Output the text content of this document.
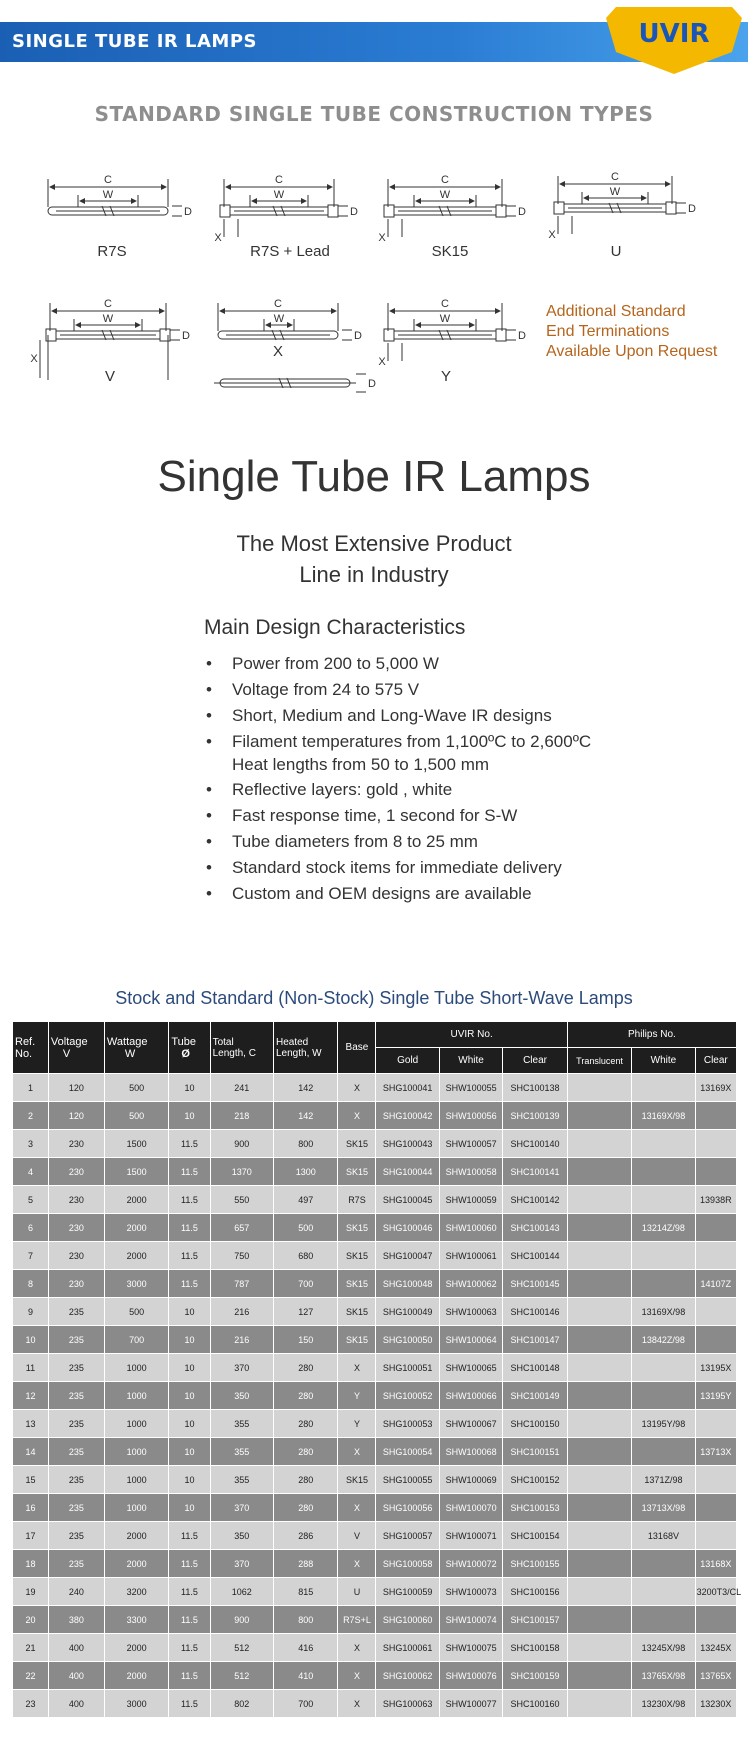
SINGLE TUBE IR LAMPS	UVIR
STANDARD SINGLE TUBE CONSTRUCTION TYPES
C
W
D
C
W
D
X
C
W
D
X
C
W
D
X
C
W
D
X
C
W
D
D
C
W
D
X
R7S	R7S + Lead	SK15	U
V
X
Y
Additional Standard
End Terminations
Available Upon Request
Single Tube IR Lamps
The Most Extensive Product
Line in Industry
Main Design Characteristics
• Power from 200 to 5,000 W
• Voltage from 24 to 575 V
• Short, Medium and Long-Wave IR designs
• Filament temperatures from 1,100ºC to 2,600ºC
Heat lengths from 50 to 1,500 mm
• Reflective layers: gold , white
• Fast response time, 1 second for S-W
• Tube diameters from 8 to 25 mm
• Standard stock items for immediate delivery
• Custom and OEM designs are available
Stock and Standard (Non-Stock) Single Tube Short-Wave Lamps
Ref.
No.	Voltage
V	Wattage
W	Tube
Ø	Total
Length, C	Heated
Length, W	Base	UVIR No.			Philips No.		
							Gold	White	Clear	Translucent	White	Clear
1	120	500	10	241	142	X	SHG100041	SHW100055	SHC100138			13169X
2	120	500	10	218	142	X	SHG100042	SHW100056	SHC100139		13169X/98	
3	230	1500	11.5	900	800	SK15	SHG100043	SHW100057	SHC100140			
4	230	1500	11.5	1370	1300	SK15	SHG100044	SHW100058	SHC100141			
5	230	2000	11.5	550	497	R7S	SHG100045	SHW100059	SHC100142			13938R
6	230	2000	11.5	657	500	SK15	SHG100046	SHW100060	SHC100143		13214Z/98	
7	230	2000	11.5	750	680	SK15	SHG100047	SHW100061	SHC100144			
8	230	3000	11.5	787	700	SK15	SHG100048	SHW100062	SHC100145			14107Z
9	235	500	10	216	127	SK15	SHG100049	SHW100063	SHC100146		13169X/98	
10	235	700	10	216	150	SK15	SHG100050	SHW100064	SHC100147		13842Z/98	
11	235	1000	10	370	280	X	SHG100051	SHW100065	SHC100148			13195X
12	235	1000	10	350	280	Y	SHG100052	SHW100066	SHC100149			13195Y
13	235	1000	10	355	280	Y	SHG100053	SHW100067	SHC100150		13195Y/98	
14	235	1000	10	355	280	X	SHG100054	SHW100068	SHC100151			13713X
15	235	1000	10	355	280	SK15	SHG100055	SHW100069	SHC100152		1371Z/98	
16	235	1000	10	370	280	X	SHG100056	SHW100070	SHC100153		13713X/98	
17	235	2000	11.5	350	286	V	SHG100057	SHW100071	SHC100154		13168V	
18	235	2000	11.5	370	288	X	SHG100058	SHW100072	SHC100155			13168X
19	240	3200	11.5	1062	815	U	SHG100059	SHW100073	SHC100156			3200T3/CL
20	380	3300	11.5	900	800	R7S+L	SHG100060	SHW100074	SHC100157			
21	400	2000	11.5	512	416	X	SHG100061	SHW100075	SHC100158		13245X/98	13245X
22	400	2000	11.5	512	410	X	SHG100062	SHW100076	SHC100159		13765X/98	13765X
23	400	3000	11.5	802	700	X	SHG100063	SHW100077	SHC100160		13230X/98	13230X
